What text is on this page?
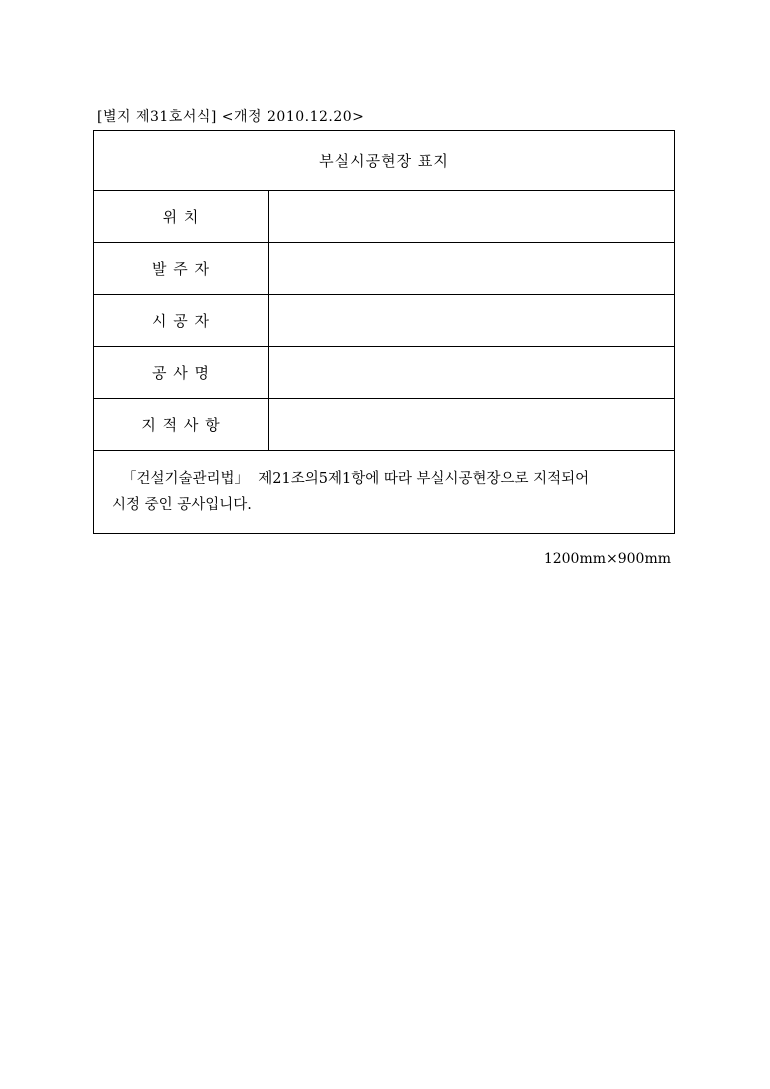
[별지 제31호서식] <개정 2010.12.20>
부실시공현장 표지
위 치
발 주 자
시 공 자
공 사 명
지 적 사 항
「건설기술관리법」  제21조의5제1항에 따라 부실시공현장으로 지적되어
시정 중인 공사입니다.
1200mm×900mm
